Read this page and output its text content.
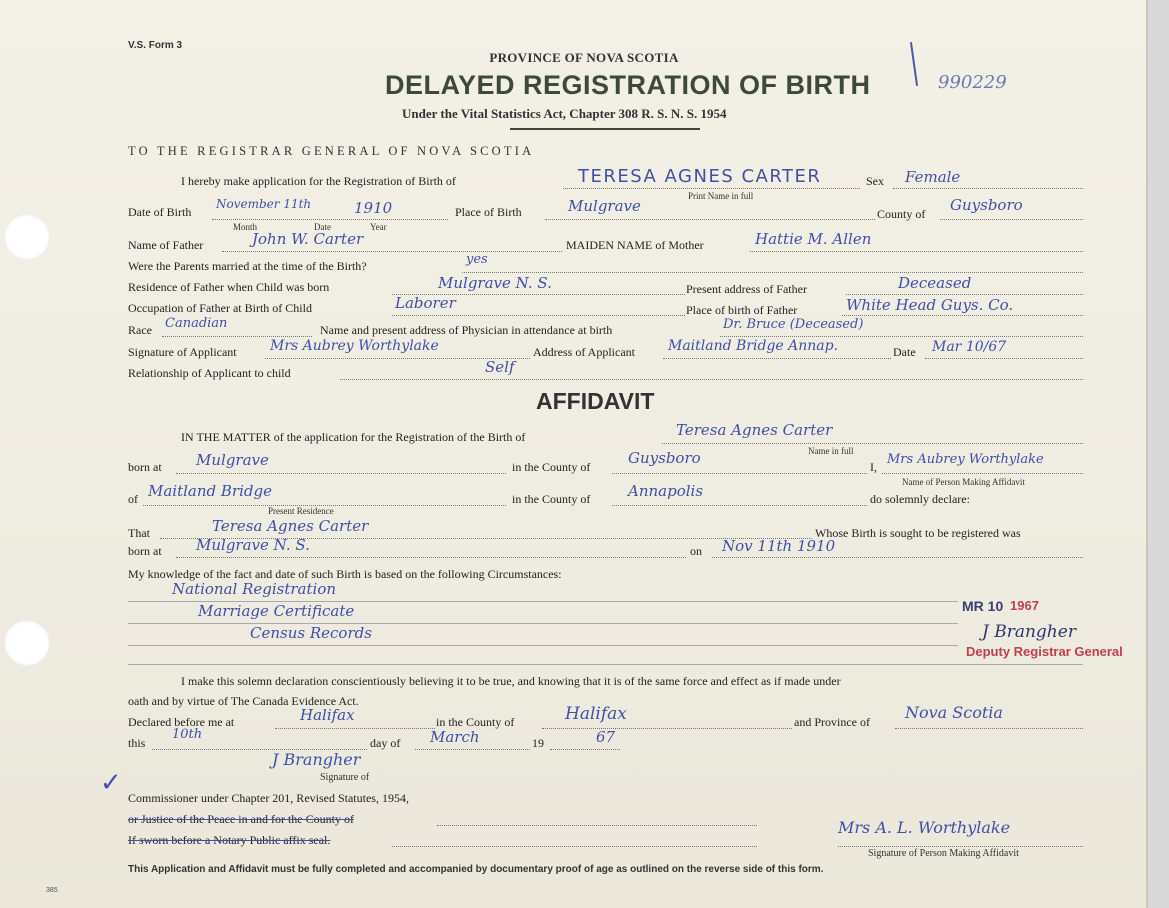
V.S. Form 3
PROVINCE OF NOVA SCOTIA
DELAYED REGISTRATION OF BIRTH
Under the Vital Statistics Act, Chapter 308 R. S. N. S. 1954
990229
TO THE REGISTRAR GENERAL OF NOVA SCOTIA
I hereby make application for the Registration of Birth of	TERESA AGNES CARTER
Print Name in full
Sex Female
Date of Birth
November 11th	1910
Month	Date	Year
Place of Birth	Mulgrave	County of Guysboro
Name of Father	John W. Carter	MAIDEN NAME of Mother	Hattie M. Allen
Were the Parents married at the time of the Birth?	yes
Residence of Father when Child was born	Mulgrave N. S.	Present address of Father	Deceased
Occupation of Father at Birth of Child	Laborer	Place of birth of Father	White Head Guys. Co.
Race Canadian	Name and present address of Physician in attendance at birth	Dr. Bruce (Deceased)
Signature of Applicant Mrs Aubrey Worthylake	Address of Applicant Maitland Bridge Annap.	Date Mar 10/67
Relationship of Applicant to child	Self
AFFIDAVIT
IN THE MATTER of the application for the Registration of the Birth of	Teresa Agnes Carter
Name in full
born at Mulgrave	in the County of	Guysboro	I, Mrs Aubrey Worthylake
Name of Person Making Affidavit
of Maitland Bridge
Present Residence
in the County of	Annapolis	do solemnly declare:
That	Teresa Agnes Carter	Whose Birth is sought to be registered was
born at Mulgrave N. S.	on Nov 11th 1910
My knowledge of the fact and date of such Birth is based on the following Circumstances:
National Registration
Marriage Certificate
Census Records
MR 10 1967
J Brangher
Deputy Registrar General
I make this solemn declaration conscientiously believing it to be true, and knowing that it is of the same force and effect as if made under
oath and by virtue of The Canada Evidence Act.
Declared before me at	Halifax	in the County of	Halifax	and Province of Nova Scotia
this
10th
day of March	19	67
J Brangher
Signature of
✓ Commissioner under Chapter 201, Revised Statutes, 1954,
or Justice of the Peace in and for the County of
If sworn before a Notary Public affix seal.
Mrs A. L. Worthylake
Signature of Person Making Affidavit
This Application and Affidavit must be fully completed and accompanied by documentary proof of age as outlined on the reverse side of this form.
385
